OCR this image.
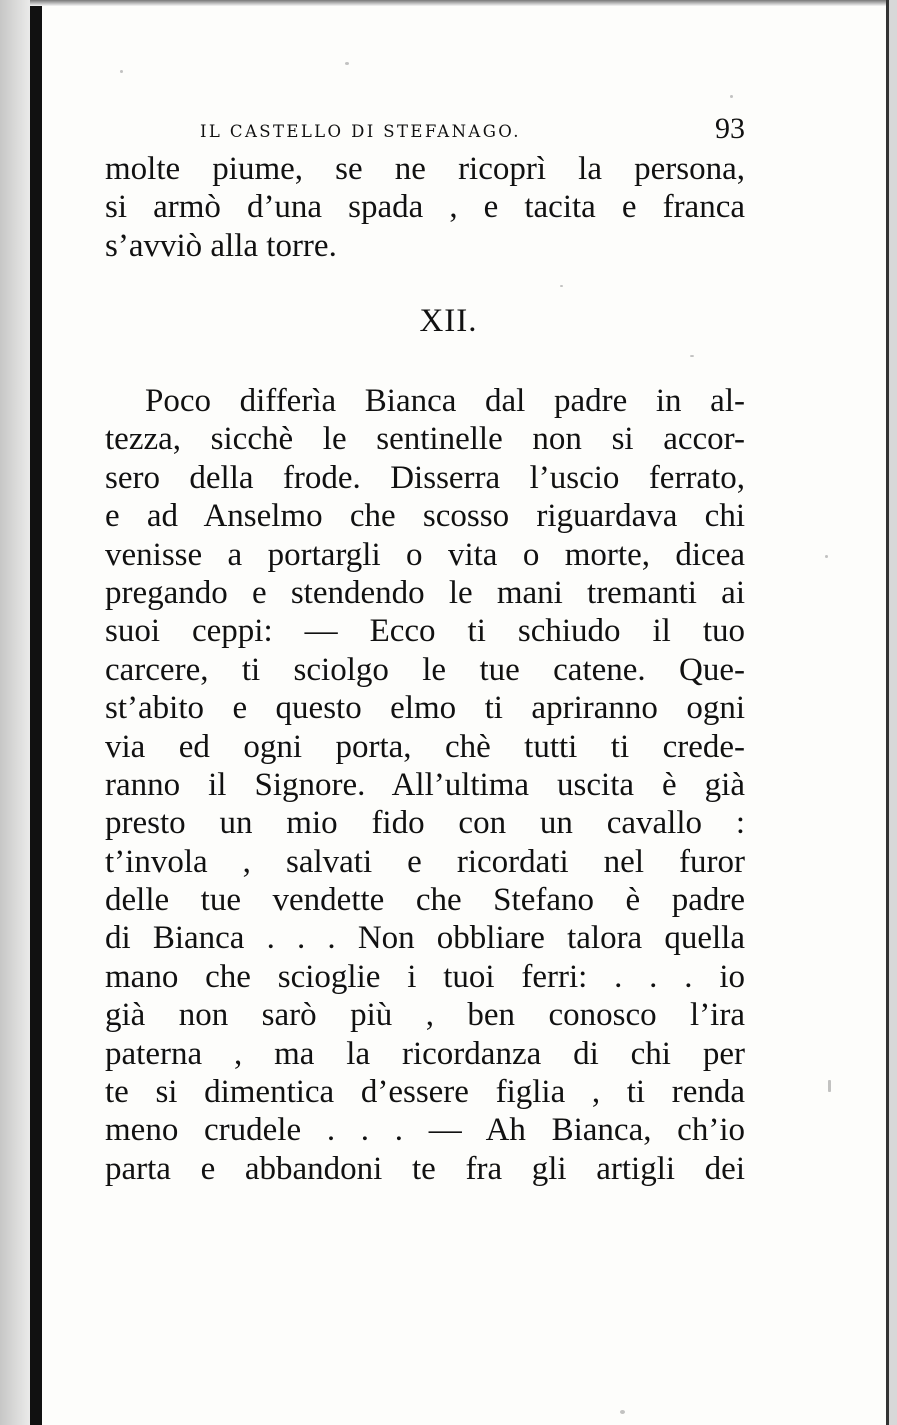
IL CASTELLO DI STEFANAGO.	93
molte piume, se ne ricoprì la persona,
si armò d’una spada , e tacita e franca
s’avviò alla torre.
XII.
Poco differìa Bianca dal padre in al-
tezza, sicchè le sentinelle non si accor-
sero della frode. Disserra l’uscio ferrato,
e ad Anselmo che scosso riguardava chi
venisse a portargli o vita o morte, dicea
pregando e stendendo le mani tremanti ai
suoi ceppi: — Ecco ti schiudo il tuo
carcere, ti sciolgo le tue catene. Que-
st’abito e questo elmo ti apriranno ogni
via ed ogni porta, chè tutti ti crede-
ranno il Signore. All’ultima uscita è già
presto un mio fido con un cavallo :
t’invola , salvati e ricordati nel furor
delle tue vendette che Stefano è padre
di Bianca . . . Non obbliare talora quella
mano che scioglie i tuoi ferri: . . . io
già non sarò più , ben conosco l’ira
paterna , ma la ricordanza di chi per
te si dimentica d’essere figlia , ti renda
meno crudele . . . — Ah Bianca, ch’io
parta e abbandoni te fra gli artigli dei
